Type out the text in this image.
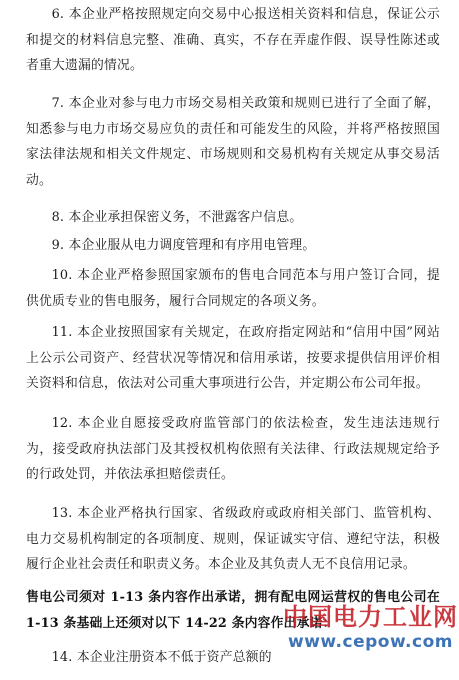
6. 本企业严格按照规定向交易中心报送相关资料和信息，保证公示和提交的材料信息完整、准确、真实，不存在弄虚作假、误导性陈述或者重大遗漏的情况。

7. 本企业对参与电力市场交易相关政策和规则已进行了全面了解，知悉参与电力市场交易应负的责任和可能发生的风险，并将严格按照国家法律法规和相关文件规定、市场规则和交易机构有关规定从事交易活动。

8. 本企业承担保密义务，不泄露客户信息。

9. 本企业服从电力调度管理和有序用电管理。

10. 本企业严格参照国家颁布的售电合同范本与用户签订合同，提供优质专业的售电服务，履行合同规定的各项义务。

11. 本企业按照国家有关规定，在政府指定网站和“信用中国”网站上公示公司资产、经营状况等情况和信用承诺，按要求提供信用评价相关资料和信息，依法对公司重大事项进行公告，并定期公布公司年报。

12. 本企业自愿接受政府监管部门的依法检查，发生违法违规行为，接受政府执法部门及其授权机构依照有关法律、行政法规规定给予的行政处罚，并依法承担赔偿责任。

13. 本企业严格执行国家、省级政府或政府相关部门、监管机构、电力交易机构制定的各项制度、规则，保证诚实守信、遵纪守法，积极履行企业社会责任和职责义务。本企业及其负责人无不良信用记录。

售电公司须对 1-13 条内容作出承诺，拥有配电网运营权的售电公司在 1-13 条基础上还须对以下 14-22 条内容作出承诺：

14. 本企业注册资本不低于资产总额的

中国电力工业网
www.cepow.com
